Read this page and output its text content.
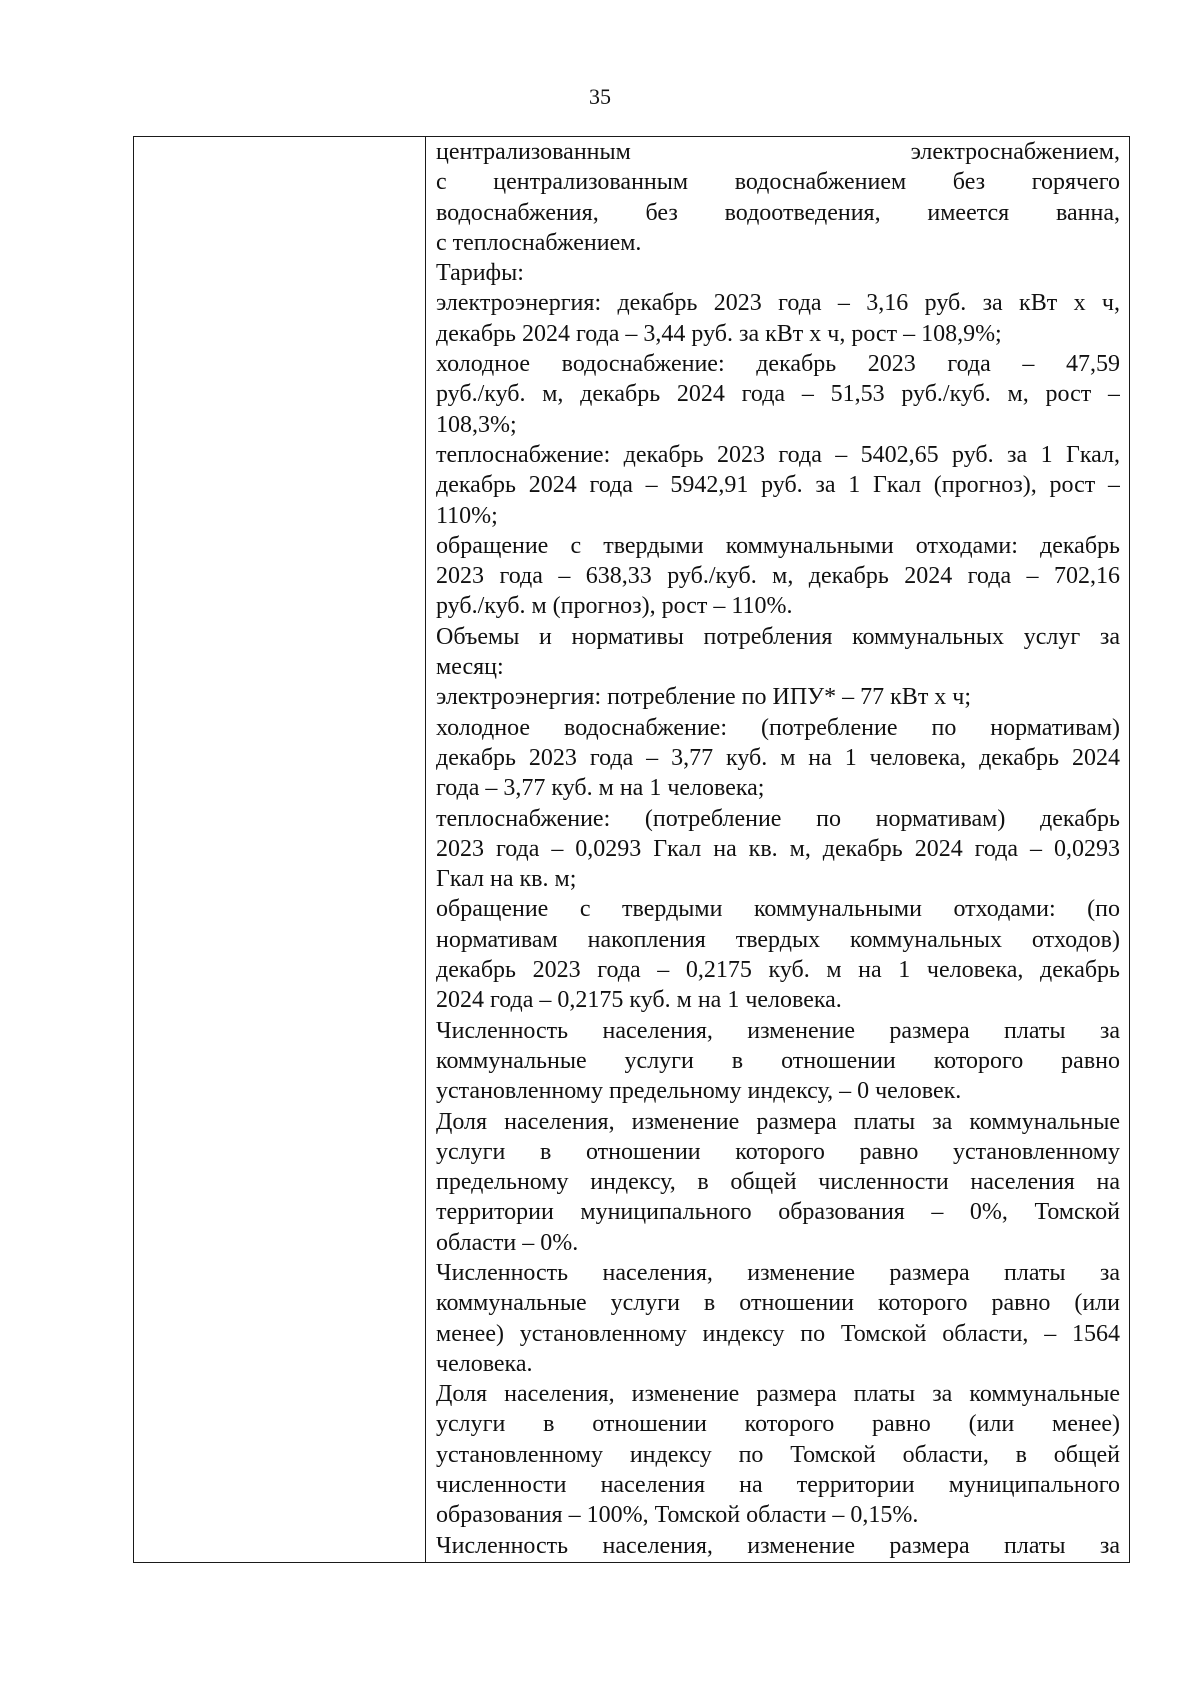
35
централизованным электроснабжением,
с централизованным водоснабжением без горячего
водоснабжения, без водоотведения, имеется ванна,
с теплоснабжением.
Тарифы:
электроэнергия: декабрь 2023 года – 3,16 руб. за кВт х ч,
декабрь 2024 года – 3,44 руб. за кВт х ч, рост – 108,9%;
холодное водоснабжение: декабрь 2023 года – 47,59
руб./куб. м, декабрь 2024 года – 51,53 руб./куб. м, рост –
108,3%;
теплоснабжение: декабрь 2023 года – 5402,65 руб. за 1 Гкал,
декабрь 2024 года – 5942,91 руб. за 1 Гкал (прогноз), рост –
110%;
обращение с твердыми коммунальными отходами: декабрь
2023 года – 638,33 руб./куб. м, декабрь 2024 года – 702,16
руб./куб. м (прогноз), рост – 110%.
Объемы и нормативы потребления коммунальных услуг за
месяц:
электроэнергия: потребление по ИПУ* – 77 кВт х ч;
холодное водоснабжение: (потребление по нормативам)
декабрь 2023 года – 3,77 куб. м на 1 человека, декабрь 2024
года – 3,77 куб. м на 1 человека;
теплоснабжение: (потребление по нормативам) декабрь
2023 года – 0,0293 Гкал на кв. м, декабрь 2024 года – 0,0293
Гкал на кв. м;
обращение с твердыми коммунальными отходами: (по
нормативам накопления твердых коммунальных отходов)
декабрь 2023 года – 0,2175 куб. м на 1 человека, декабрь
2024 года – 0,2175 куб. м на 1 человека.
Численность населения, изменение размера платы за
коммунальные услуги в отношении которого равно
установленному предельному индексу, – 0 человек.
Доля населения, изменение размера платы за коммунальные
услуги в отношении которого равно установленному
предельному индексу, в общей численности населения на
территории муниципального образования – 0%, Томской
области – 0%.
Численность населения, изменение размера платы за
коммунальные услуги в отношении которого равно (или
менее) установленному индексу по Томской области, – 1564
человека.
Доля населения, изменение размера платы за коммунальные
услуги в отношении которого равно (или менее)
установленному индексу по Томской области, в общей
численности населения на территории муниципального
образования – 100%, Томской области – 0,15%.
Численность населения, изменение размера платы за
